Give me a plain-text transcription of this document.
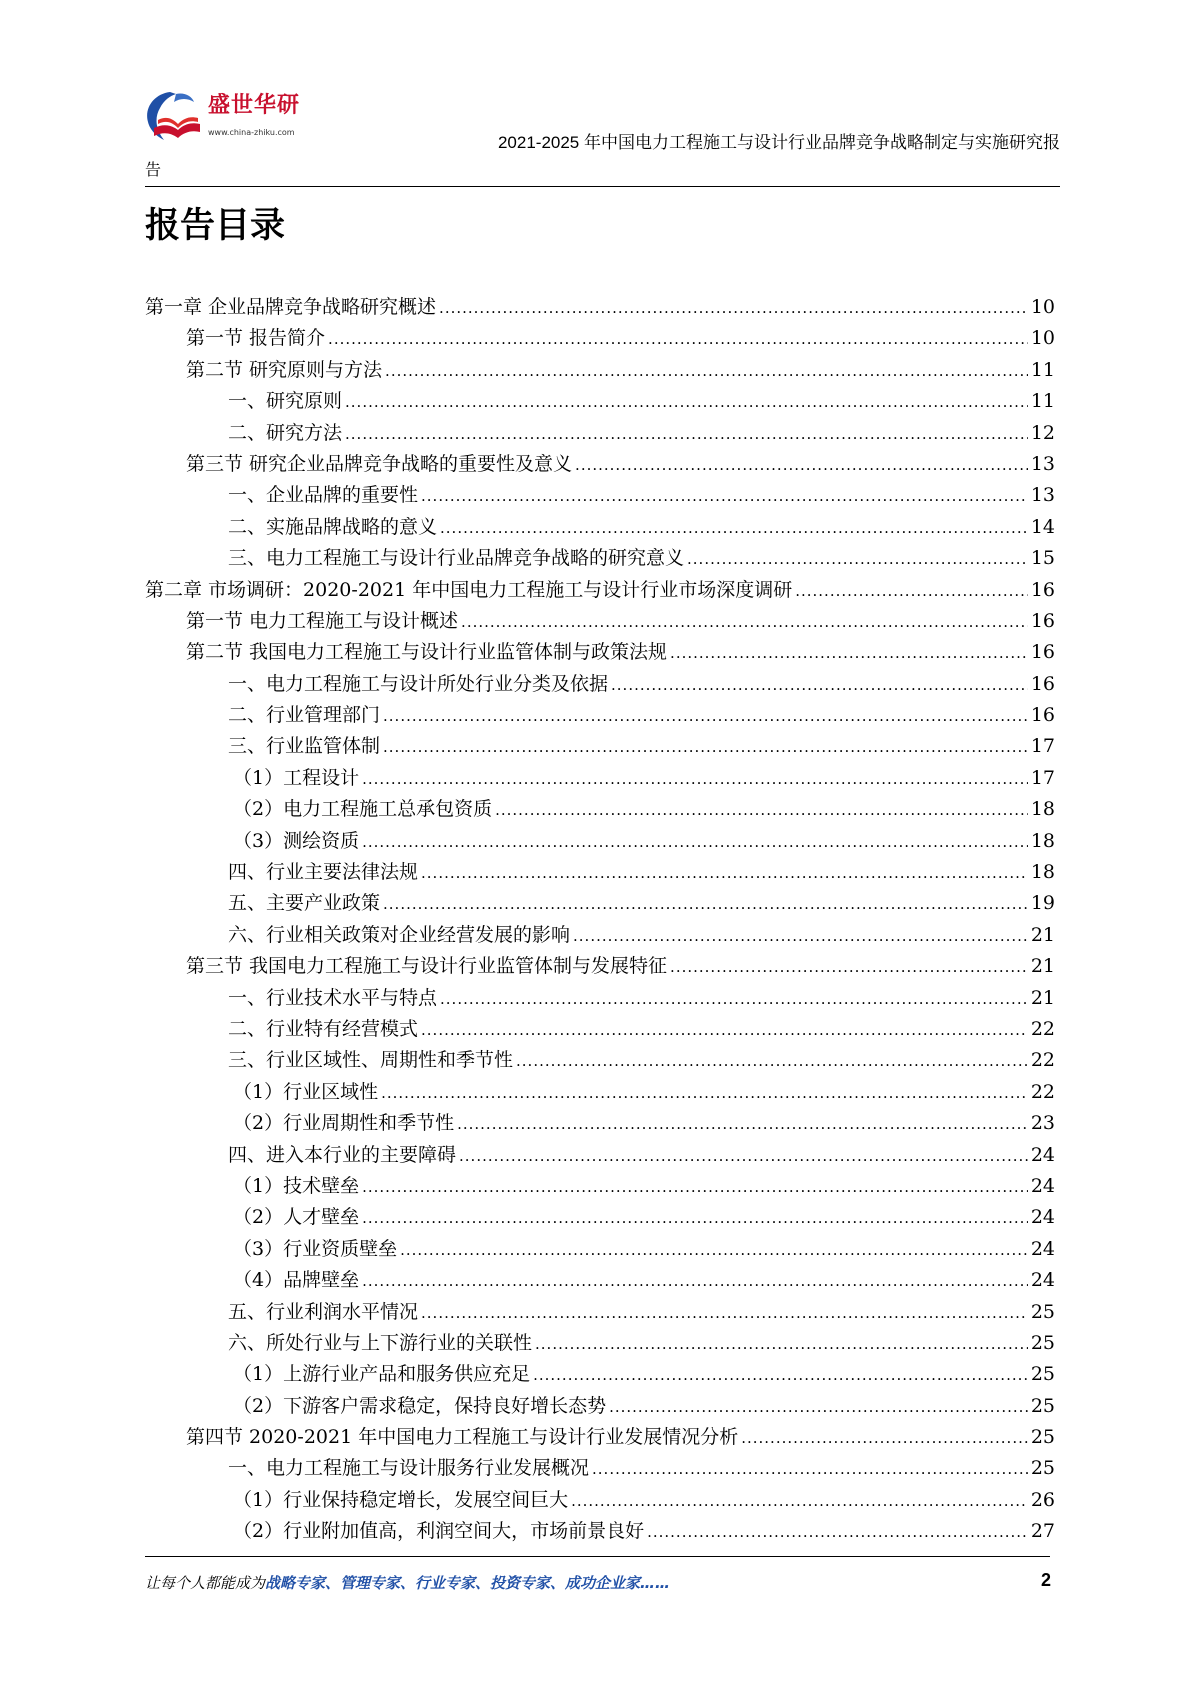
盛世华研
www.china-zhiku.com
2021-2025 年中国电力工程施工与设计行业品牌竞争战略制定与实施研究报
告
报告目录
第一章 企业品牌竞争战略研究概述 .....	10
第一节 报告简介 .....	10
第二节 研究原则与方法 .....	11
一、研究原则 .....	11
二、研究方法 .....	12
第三节 研究企业品牌竞争战略的重要性及意义 .....	13
一、企业品牌的重要性 .....	13
二、实施品牌战略的意义 .....	14
三、电力工程施工与设计行业品牌竞争战略的研究意义 .....	15
第二章 市场调研：2020-2021 年中国电力工程施工与设计行业市场深度调研 .....	16
第一节 电力工程施工与设计概述 .....	16
第二节 我国电力工程施工与设计行业监管体制与政策法规 .....	16
一、电力工程施工与设计所处行业分类及依据 .....	16
二、行业管理部门 .....	16
三、行业监管体制 .....	17
（1）工程设计 .....	17
（2）电力工程施工总承包资质 .....	18
（3）测绘资质 .....	18
四、行业主要法律法规 .....	18
五、主要产业政策 .....	19
六、行业相关政策对企业经营发展的影响 .....	21
第三节 我国电力工程施工与设计行业监管体制与发展特征 .....	21
一、行业技术水平与特点 .....	21
二、行业特有经营模式 .....	22
三、行业区域性、周期性和季节性 .....	22
（1）行业区域性 .....	22
（2）行业周期性和季节性 .....	23
四、进入本行业的主要障碍 .....	24
（1）技术壁垒 .....	24
（2）人才壁垒 .....	24
（3）行业资质壁垒 .....	24
（4）品牌壁垒 .....	24
五、行业利润水平情况 .....	25
六、所处行业与上下游行业的关联性 .....	25
（1）上游行业产品和服务供应充足 .....	25
（2）下游客户需求稳定，保持良好增长态势 .....	25
第四节 2020-2021 年中国电力工程施工与设计行业发展情况分析 .....	25
一、电力工程施工与设计服务行业发展概况 .....	25
（1）行业保持稳定增长，发展空间巨大 .....	26
（2）行业附加值高，利润空间大，市场前景良好 .....	27
让每个人都能成为战略专家、管理专家、行业专家、投资专家、成功企业家……	2
